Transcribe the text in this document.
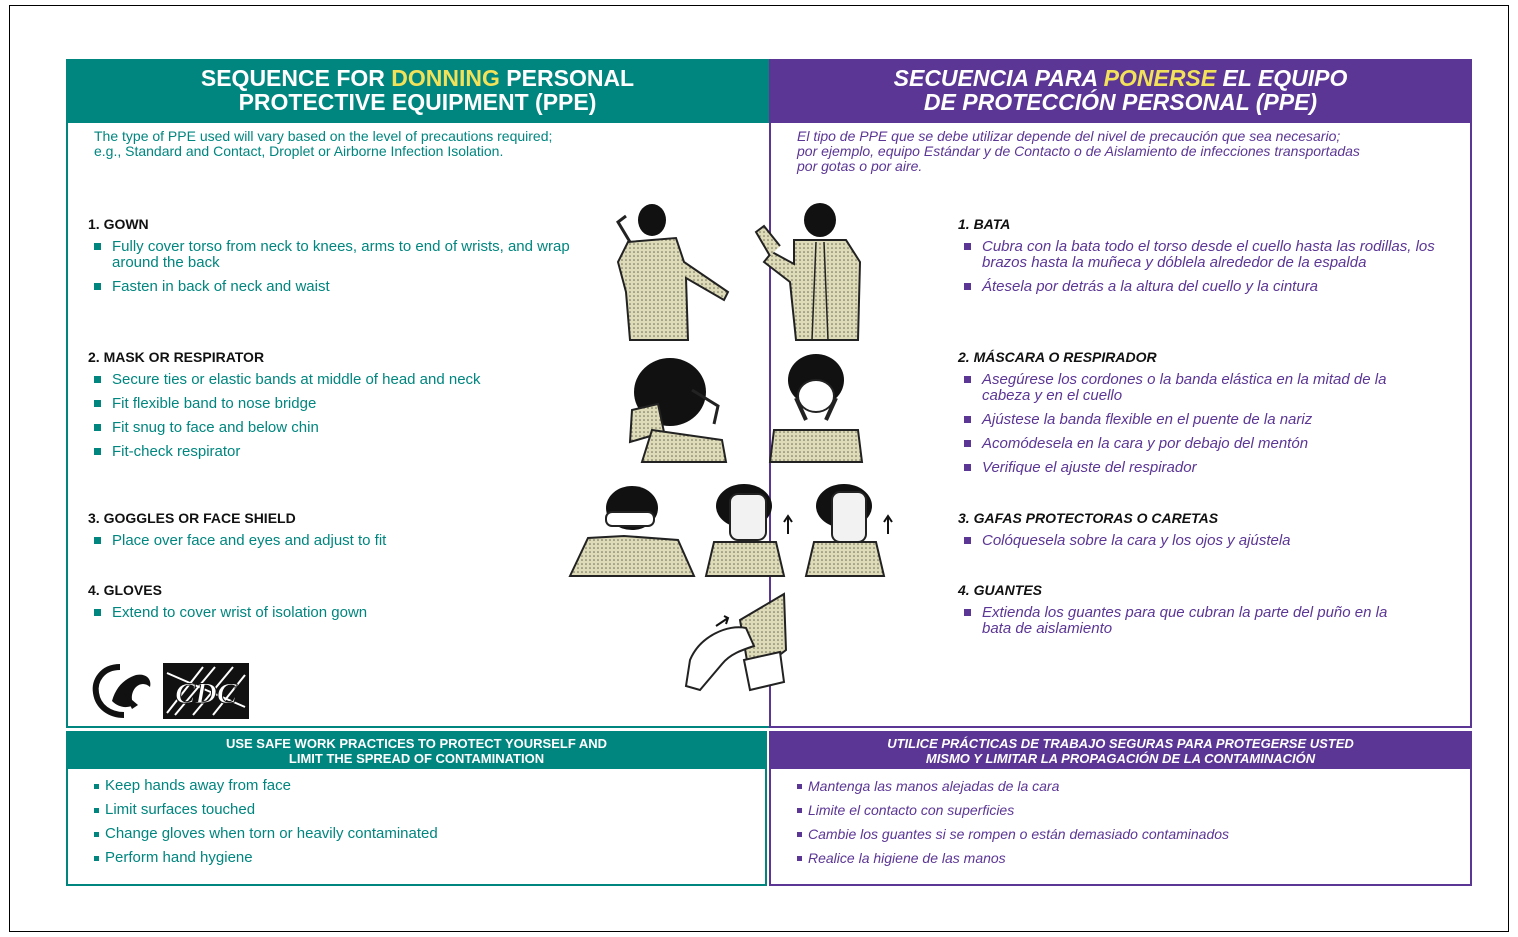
SEQUENCE FOR DONNING PERSONAL
PROTECTIVE EQUIPMENT (PPE)
The type of PPE used will vary based on the level of precautions required;
e.g., Standard and Contact, Droplet or Airborne Infection Isolation.
1. GOWN
Fully cover torso from neck to knees, arms to end of wrists, and wrap around the back
Fasten in back of neck and waist
2. MASK OR RESPIRATOR
Secure ties or elastic bands at middle of head and neck
Fit flexible band to nose bridge
Fit snug to face and below chin
Fit-check respirator
3. GOGGLES OR FACE SHIELD
Place over face and eyes and adjust to fit
4. GLOVES
Extend to cover wrist of isolation gown
CDC
SECUENCIA PARA PONERSE EL EQUIPO
DE PROTECCIÓN PERSONAL (PPE)
El tipo de PPE que se debe utilizar depende del nivel de precaución que sea necesario;
por ejemplo, equipo Estándar y de Contacto o de Aislamiento de infecciones transportadas
por gotas o por aire.
1. BATA
Cubra con la bata todo el torso desde el cuello hasta las rodillas, los brazos hasta la muñeca y dóblela alrededor de la espalda
Átesela por detrás a la altura del cuello y la cintura
2. MÁSCARA O RESPIRADOR
Asegúrese los cordones o la banda elástica en la mitad de la cabeza y en el cuello
Ajústese la banda flexible en el puente de la nariz
Acomódesela en la cara y por debajo del mentón
Verifique el ajuste del respirador
3. GAFAS PROTECTORAS O CARETAS
Colóquesela sobre la cara y los ojos y ajústela
4. GUANTES
Extienda los guantes para que cubran la parte del puño en la bata de aislamiento
USE SAFE WORK PRACTICES TO PROTECT YOURSELF AND
LIMIT THE SPREAD OF CONTAMINATION
Keep hands away from face
Limit surfaces touched
Change gloves when torn or heavily contaminated
Perform hand hygiene
UTILICE PRÁCTICAS DE TRABAJO SEGURAS PARA PROTEGERSE USTED
MISMO Y LIMITAR LA PROPAGACIÓN DE LA CONTAMINACIÓN
Mantenga las manos alejadas de la cara
Limite el contacto con superficies
Cambie los guantes si se rompen o están demasiado contaminados
Realice la higiene de las manos
